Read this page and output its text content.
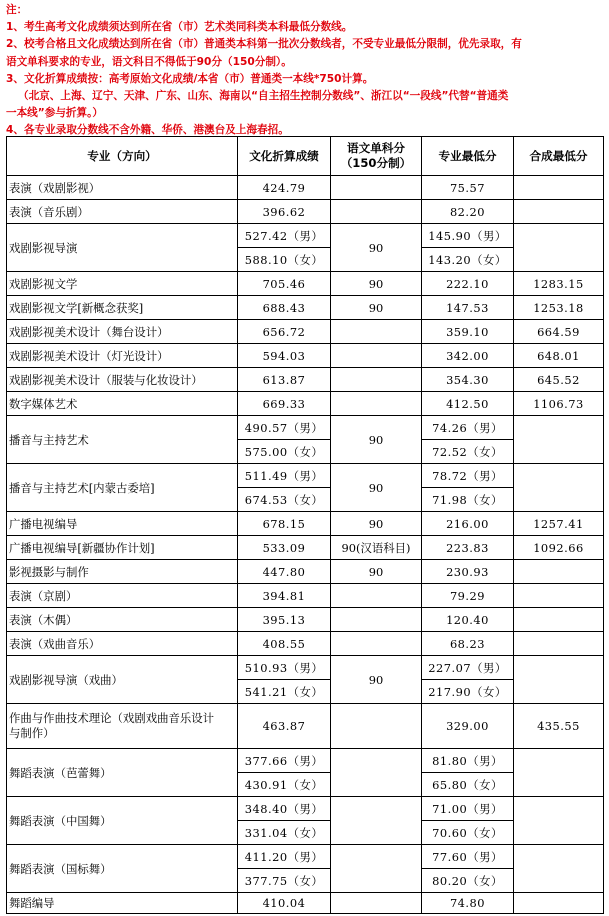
注：
1、考生高考文化成绩须达到所在省（市）艺术类同科类本科最低分数线。
2、校考合格且文化成绩达到所在省（市）普通类本科第一批次分数线者，不受专业最低分限制，优先录取，有
语文单科要求的专业，语文科目不得低于90分（150分制）。
3、文化折算成绩按：高考原始文化成绩/本省（市）普通类一本线*750计算。
（北京、上海、辽宁、天津、广东、山东、海南以“自主招生控制分数线”、浙江以“一段线”代替“普通类
一本线”参与折算。）
4、各专业录取分数线不含外籍、华侨、港澳台及上海春招。
专业（方向）	文化折算成绩	语文单科分（150分制）	专业最低分	合成最低分
表演（戏剧影视）	424.79		75.57	
表演（音乐剧）	396.62		82.20	
戏剧影视导演	527.42（男）	90	145.90（男）	
	588.10（女）		143.20（女）	
戏剧影视文学	705.46	90	222.10	1283.15
戏剧影视文学[新概念获奖]	688.43	90	147.53	1253.18
戏剧影视美术设计（舞台设计）	656.72		359.10	664.59
戏剧影视美术设计（灯光设计）	594.03		342.00	648.01
戏剧影视美术设计（服装与化妆设计）	613.87		354.30	645.52
数字媒体艺术	669.33		412.50	1106.73
播音与主持艺术	490.57（男）	90	74.26（男）	
	575.00（女）		72.52（女）	
播音与主持艺术[内蒙古委培]	511.49（男）	90	78.72（男）	
	674.53（女）		71.98（女）	
广播电视编导	678.15	90	216.00	1257.41
广播电视编导[新疆协作计划]	533.09	90(汉语科目)	223.83	1092.66
影视摄影与制作	447.80	90	230.93	
表演（京剧）	394.81		79.29	
表演（木偶）	395.13		120.40	
表演（戏曲音乐）	408.55		68.23	
戏剧影视导演（戏曲）	510.93（男）	90	227.07（男）	
	541.21（女）		217.90（女）	
作曲与作曲技术理论（戏剧戏曲音乐设计与制作）	463.87		329.00	435.55
舞蹈表演（芭蕾舞）	377.66（男）		81.80（男）	
	430.91（女）		65.80（女）	
舞蹈表演（中国舞）	348.40（男）		71.00（男）	
	331.04（女）		70.60（女）	
舞蹈表演（国标舞）	411.20（男）		77.60（男）	
	377.75（女）		80.20（女）	
舞蹈编导	410.04		74.80	
